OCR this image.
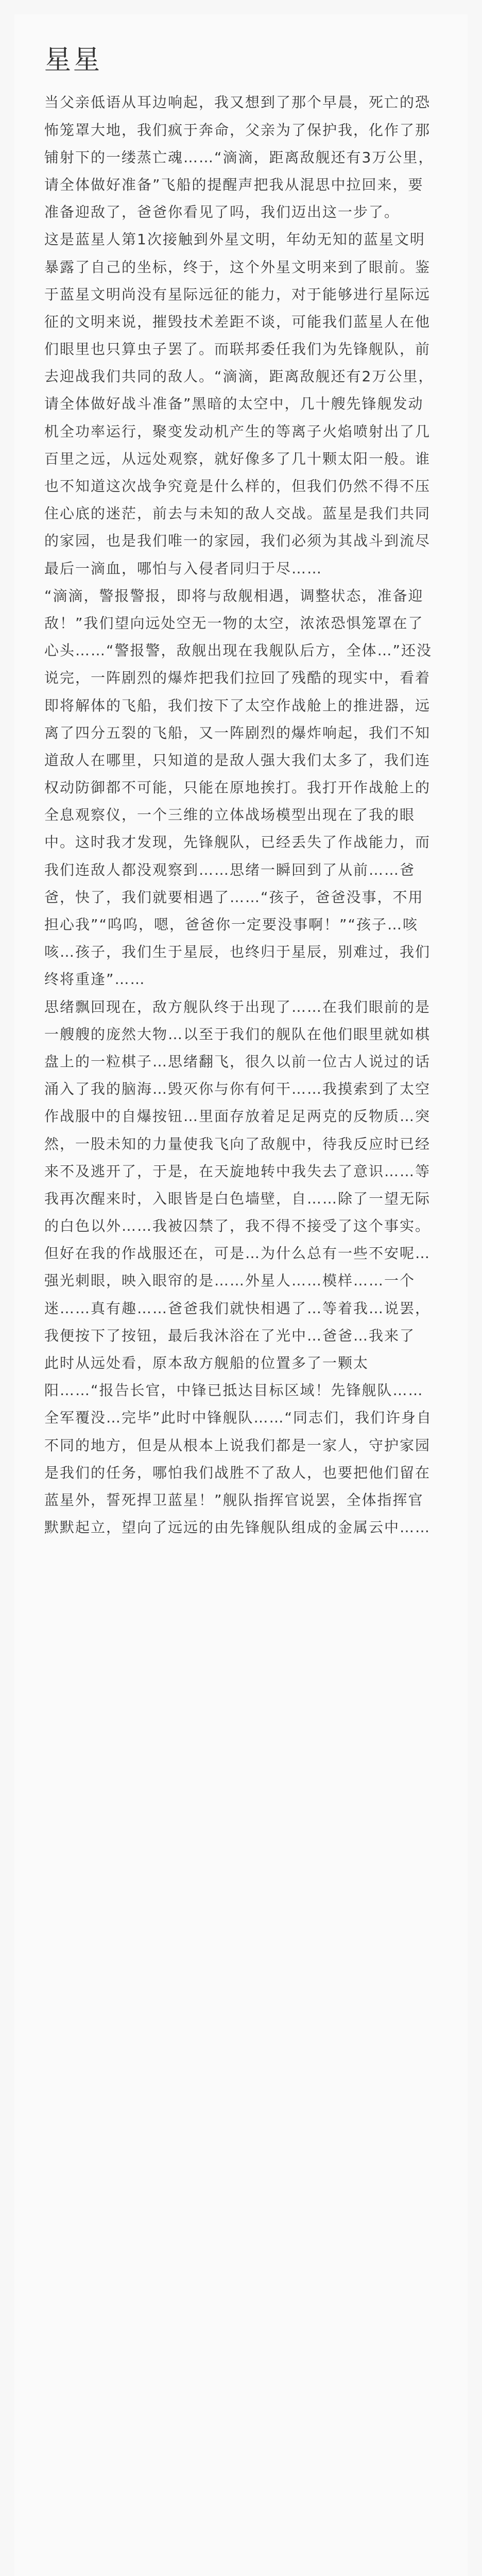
星星

当父亲低语从耳边响起，我又想到了那个早晨，死亡的恐怖笼罩大地，我们疯于奔命，父亲为了保护我，化作了那铺射下的一缕蒸亡魂……“滴滴，距离敌舰还有3万公里，请全体做好准备”飞船的提醒声把我从混思中拉回来，要准备迎敌了，爸爸你看见了吗，我们迈出这一步了。

这是蓝星人第1次接触到外星文明，年幼无知的蓝星文明暴露了自己的坐标，终于，这个外星文明来到了眼前。鉴于蓝星文明尚没有星际远征的能力，对于能够进行星际远征的文明来说，摧毁技术差距不谈，可能我们蓝星人在他们眼里也只算虫子罢了。而联邦委任我们为先锋舰队，前去迎战我们共同的敌人。“滴滴，距离敌舰还有2万公里，请全体做好战斗准备”黑暗的太空中，几十艘先锋舰发动机全功率运行，聚变发动机产生的等离子火焰喷射出了几百里之远，从远处观察，就好像多了几十颗太阳一般。谁也不知道这次战争究竟是什么样的，但我们仍然不得不压住心底的迷茫，前去与未知的敌人交战。蓝星是我们共同的家园，也是我们唯一的家园，我们必须为其战斗到流尽最后一滴血，哪怕与入侵者同归于尽……

“滴滴，警报警报，即将与敌舰相遇，调整状态，准备迎敌！”我们望向远处空无一物的太空，浓浓恐惧笼罩在了心头……“警报警，敌舰出现在我舰队后方，全体…”还没说完，一阵剧烈的爆炸把我们拉回了残酷的现实中，看着即将解体的飞船，我们按下了太空作战舱上的推进器，远离了四分五裂的飞船，又一阵剧烈的爆炸响起，我们不知道敌人在哪里，只知道的是敌人强大我们太多了，我们连权动防御都不可能，只能在原地挨打。我打开作战舱上的全息观察仪，一个三维的立体战场模型出现在了我的眼中。这时我才发现，先锋舰队，已经丢失了作战能力，而我们连敌人都没观察到……思绪一瞬回到了从前……爸爸，快了，我们就要相遇了……“孩子，爸爸没事，不用担心我”“呜呜，嗯，爸爸你一定要没事啊！”“孩子…咳咳…孩子，我们生于星辰，也终归于星辰，别难过，我们终将重逢”……

思绪飘回现在，敌方舰队终于出现了……在我们眼前的是一艘艘的庞然大物…以至于我们的舰队在他们眼里就如棋盘上的一粒棋子…思绪翻飞，很久以前一位古人说过的话涌入了我的脑海…毁灭你与你有何干……我摸索到了太空作战服中的自爆按钮…里面存放着足足两克的反物质…突然，一股未知的力量使我飞向了敌舰中，待我反应时已经来不及逃开了，于是，在天旋地转中我失去了意识……等我再次醒来时，入眼皆是白色墙壁，自……除了一望无际的白色以外……我被囚禁了，我不得不接受了这个事实。但好在我的作战服还在，可是…为什么总有一些不安呢…强光刺眼，映入眼帘的是……外星人……模样……一个迷……真有趣……爸爸我们就快相遇了…等着我…说罢，我便按下了按钮，最后我沐浴在了光中…爸爸…我来了

此时从远处看，原本敌方舰船的位置多了一颗太阳……“报告长官，中锋已抵达目标区域！先锋舰队……全军覆没…完毕”此时中锋舰队……“同志们，我们许身自不同的地方，但是从根本上说我们都是一家人，守护家园是我们的任务，哪怕我们战胜不了敌人，也要把他们留在蓝星外，誓死捍卫蓝星！”舰队指挥官说罢，全体指挥官默默起立，望向了远远的由先锋舰队组成的金属云中……
